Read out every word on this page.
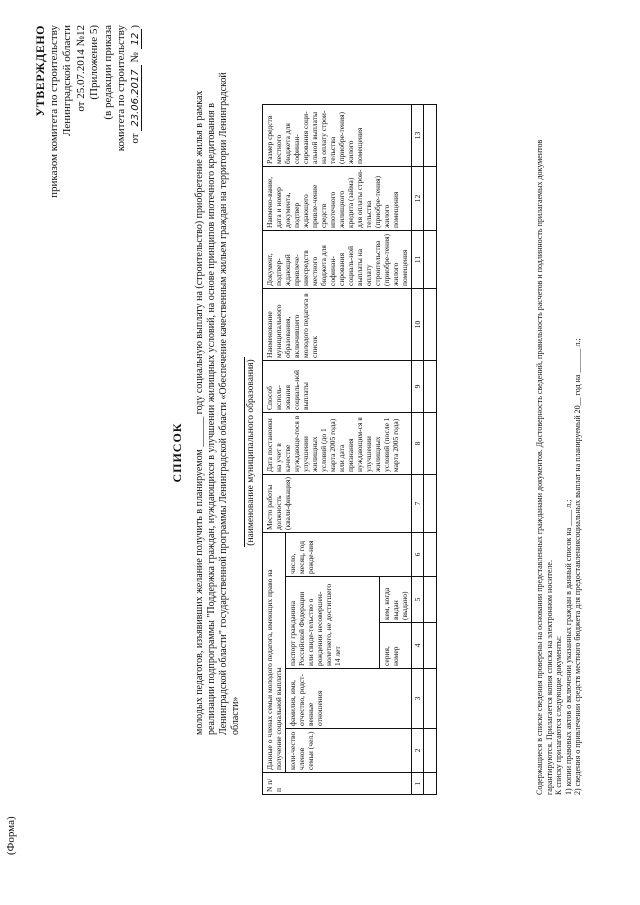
УТВЕРЖДЕНО приказом комитета по строительству Ленинградской области от 25.07.2014 №12 (Приложение 5) (в редакции приказа комитета по строительству от 23.06.2017 № 12)
(Форма)
СПИСОК молодых педагогов, изъявивших желание получить в планируемом ______ году социальную выплату на (строительство) приобретение жилья в рамках реализации подпрограммы "Поддержка граждан, нуждающихся в улучшении жилищных условий, на основе принципов ипотечного кредитования в Ленинградской области" государственной программы Ленинградской области «Обеспечение качественным жильем граждан на территории Ленинградской области»
(наименование муниципального образования)
N п/п	Данные о членах семьи молодого педагога, имеющих право на получение социальной выплаты					Место работы должность (квали-фикация)	Дата постановки на учет в качестве нуждающе-гося в улучшении жилищных условий (до 1 марта 2005 года) или дата признания нуждающим-ся в улучшении жилищных условий (после 1 марта 2005 года)	Способ исполь-зования социаль-ной выплаты	Наименование муниципального образования, включившего молодого педагога в список	Документ, подтвер-ждающий привлече-ниесредств местного бюджета для софинан-сирования социаль-ной выплаты на оплату строительства (приобре-тения) жилого помещения	Наимено-вание, дата и номер документа, подтвер ждающего привле-чение средств ипотечного жилищного кредита (займа) для оплаты строи-тельства (приобре-тения) жилого помещения	Размер средств местного бюджета для софинан-сирования соци-альной выплаты на оплату строи-тельства (приобре-тения) жилого помещения
	коли-чество членов семьи (чел.)	фамилия, имя, отчество, родст-венные отношения	паспорт гражданина Российской Федерации или свиде-тельство о рождении несовершен-нолетнего, не достигшего 14 лет		число, месяц, год рожде-ния							
			серия, номер	кем, когда выдан (выдано)								
1	2	3	4	5	6	7	8	9	10	11	12	13

Содержащиеся в списке сведения проверены на основании представленных гражданами документов. Достоверность сведений, правильность расчетов и подлинность прилагаемых документов гарантируются. Прилагается копия списка на электронном носителе. К списку прилагаются следующие документы: 1) копии правовых актов о включении указанных граждан в данный список на ____ л.; 2) сведения о привлечении средств местного бюджета для предоставлениясоциальных выплат на планируемый 20__ год на ______ л.;
